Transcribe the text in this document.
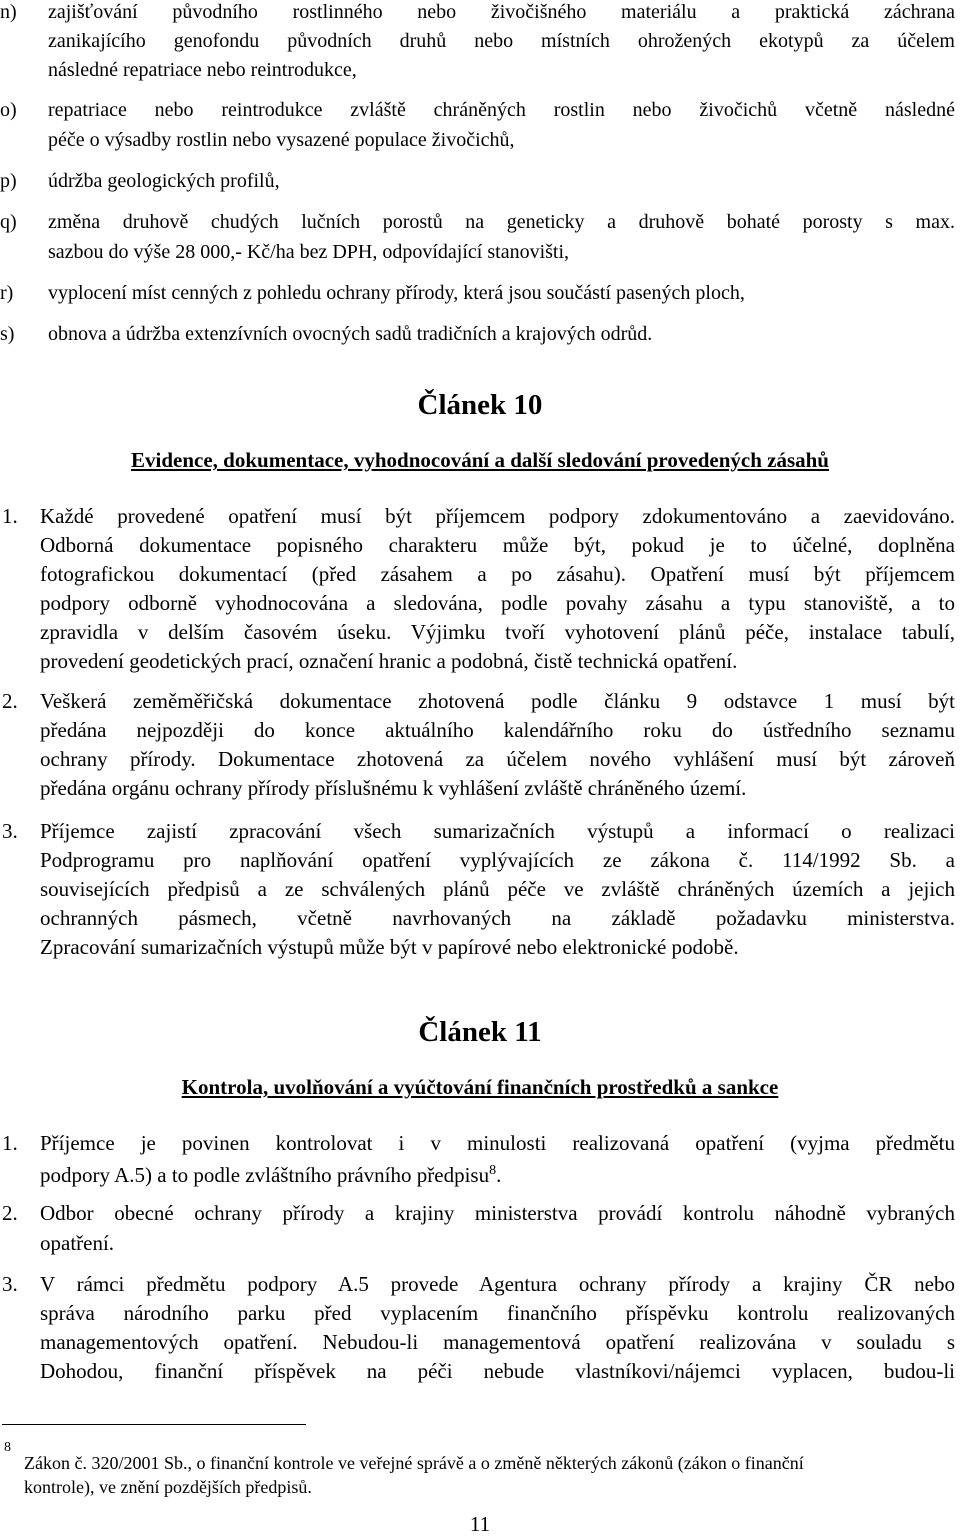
n)	zajišťování původního rostlinného nebo živočišného materiálu a praktická záchrana
zanikajícího genofondu původních druhů nebo místních ohrožených ekotypů za účelem
následné repatriace nebo reintrodukce,
o)	repatriace nebo reintrodukce zvláště chráněných rostlin nebo živočichů včetně následné
péče o výsadby rostlin nebo vysazené populace živočichů,
p)	údržba geologických profilů,
q)	změna druhově chudých lučních porostů na geneticky a druhově bohaté porosty s max.
sazbou do výše 28 000,- Kč/ha bez DPH, odpovídající stanovišti,
r)	vyplocení míst cenných z pohledu ochrany přírody, která jsou součástí pasených ploch,
s)	obnova a údržba extenzívních ovocných sadů tradičních a krajových odrůd.
Článek 10
Evidence, dokumentace, vyhodnocování a další sledování provedených zásahů
1. Každé provedené opatření musí být příjemcem podpory zdokumentováno a zaevidováno.
Odborná dokumentace popisného charakteru může být, pokud je to účelné, doplněna
fotografickou dokumentací (před zásahem a po zásahu). Opatření musí být příjemcem
podpory odborně vyhodnocována a sledována, podle povahy zásahu a typu stanoviště, a to
zpravidla v delším časovém úseku. Výjimku tvoří vyhotovení plánů péče, instalace tabulí,
provedení geodetických prací, označení hranic a podobná, čistě technická opatření.
2. Veškerá zeměměřičská dokumentace zhotovená podle článku 9 odstavce 1 musí být
předána nejpozději do konce aktuálního kalendářního roku do ústředního seznamu
ochrany přírody. Dokumentace zhotovená za účelem nového vyhlášení musí být zároveň
předána orgánu ochrany přírody příslušnému k vyhlášení zvláště chráněného území.
3. Příjemce zajistí zpracování všech sumarizačních výstupů a informací o realizaci
Podprogramu pro naplňování opatření vyplývajících ze zákona č. 114/1992 Sb. a
souvisejících předpisů a ze schválených plánů péče ve zvláště chráněných územích a jejich
ochranných pásmech, včetně navrhovaných na základě požadavku ministerstva.
Zpracování sumarizačních výstupů může být v papírové nebo elektronické podobě.
Článek 11
Kontrola, uvolňování a vyúčtování finančních prostředků a sankce
1. Příjemce je povinen kontrolovat i v minulosti realizovaná opatření (vyjma předmětu
podpory A.5) a to podle zvláštního právního předpisu$^8$.
2. Odbor obecné ochrany přírody a krajiny ministerstva provádí kontrolu náhodně vybraných
opatření.
3. V rámci předmětu podpory A.5 provede Agentura ochrany přírody a krajiny ČR nebo
správa národního parku před vyplacením finančního příspěvku kontrolu realizovaných
managementových opatření. Nebudou-li managementová opatření realizována v souladu s
Dohodou, finanční příspěvek na péči nebude vlastníkovi/nájemci vyplacen, budou-li
8
Zákon č. 320/2001 Sb., o finanční kontrole ve veřejné správě a o změně některých zákonů (zákon o finanční
kontrole), ve znění pozdějších předpisů.
11
